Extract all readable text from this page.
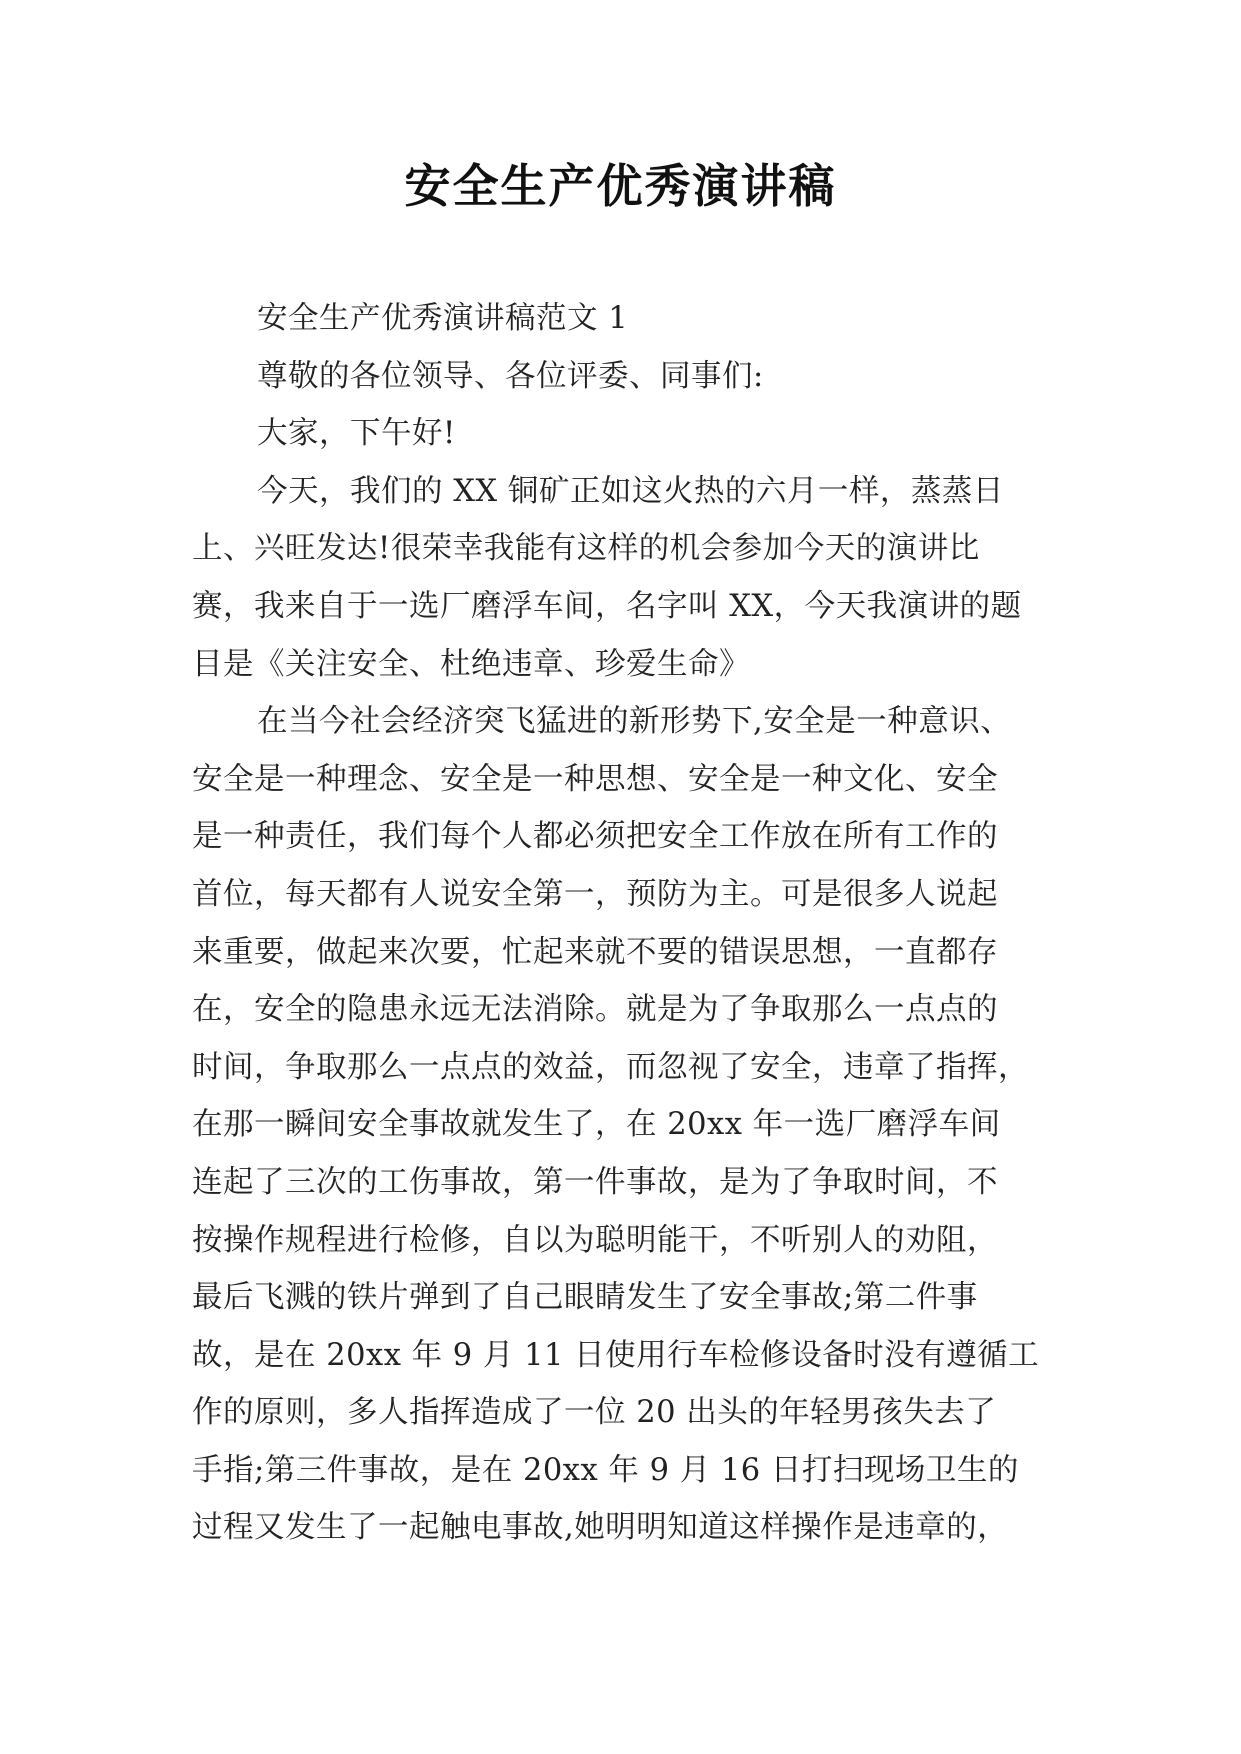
安全生产优秀演讲稿
安全生产优秀演讲稿范文 1
尊敬的各位领导、各位评委、同事们:
大家，下午好!
今天，我们的 XX 铜矿正如这火热的六月一样，蒸蒸日
上、兴旺发达!很荣幸我能有这样的机会参加今天的演讲比
赛，我来自于一选厂磨浮车间，名字叫 XX，今天我演讲的题
目是《关注安全、杜绝违章、珍爱生命》
在当今社会经济突飞猛进的新形势下,安全是一种意识、
安全是一种理念、安全是一种思想、安全是一种文化、安全
是一种责任，我们每个人都必须把安全工作放在所有工作的
首位，每天都有人说安全第一，预防为主。可是很多人说起
来重要，做起来次要，忙起来就不要的错误思想，一直都存
在，安全的隐患永远无法消除。就是为了争取那么一点点的
时间，争取那么一点点的效益，而忽视了安全，违章了指挥，
在那一瞬间安全事故就发生了，在 20xx 年一选厂磨浮车间
连起了三次的工伤事故，第一件事故，是为了争取时间，不
按操作规程进行检修，自以为聪明能干，不听别人的劝阻，
最后飞溅的铁片弹到了自己眼睛发生了安全事故;第二件事
故，是在 20xx 年 9 月 11 日使用行车检修设备时没有遵循工
作的原则，多人指挥造成了一位 20 出头的年轻男孩失去了
手指;第三件事故，是在 20xx 年 9 月 16 日打扫现场卫生的
过程又发生了一起触电事故,她明明知道这样操作是违章的，
